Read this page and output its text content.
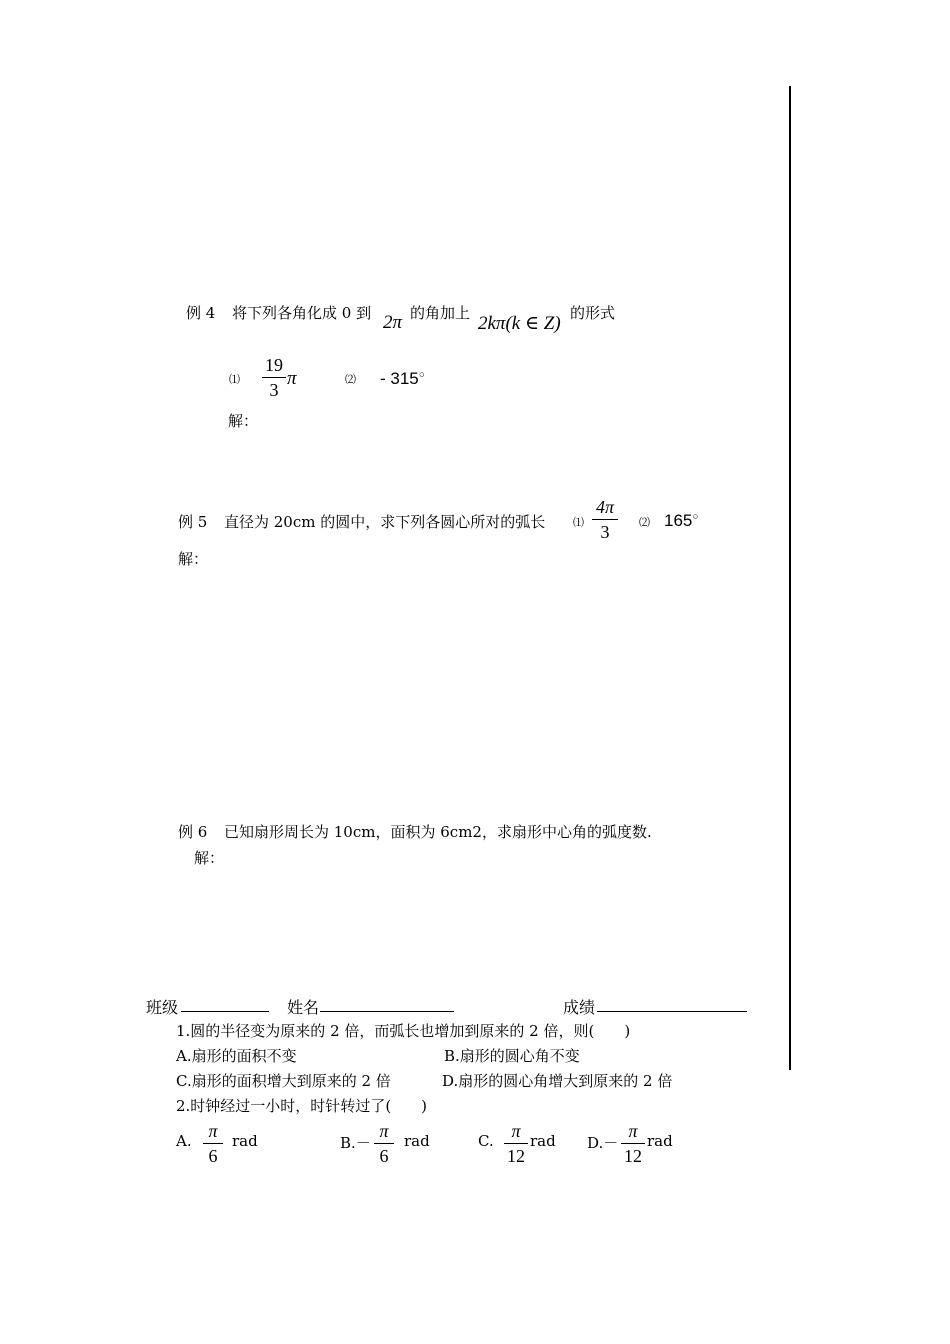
例 4 将下列各角化成 0 到 2π 的角加上 2kπ(k ∈ Z) 的形式
⑴
19
3
π	⑵ - 315○
解：
例 5 直径为 20cm 的圆中，求下列各圆心所对的弧长	⑴
4π
3	⑵ 165○
解：
例 6 已知扇形周长为 10cm，面积为 6cm2，求扇形中心角的弧度数.
解：
班级	姓名	成绩
1.圆的半径变为原来的 2 倍，而弧长也增加到原来的 2 倍，则(　　)
A.扇形的面积不变	B.扇形的圆心角不变
C.扇形的面积增大到原来的 2 倍	D.扇形的圆心角增大到原来的 2 倍
2.时钟经过一小时，时针转过了(　　)
A. π
6
rad	B.－
π
6
rad	C. π
12
rad D.－
π
12
rad
